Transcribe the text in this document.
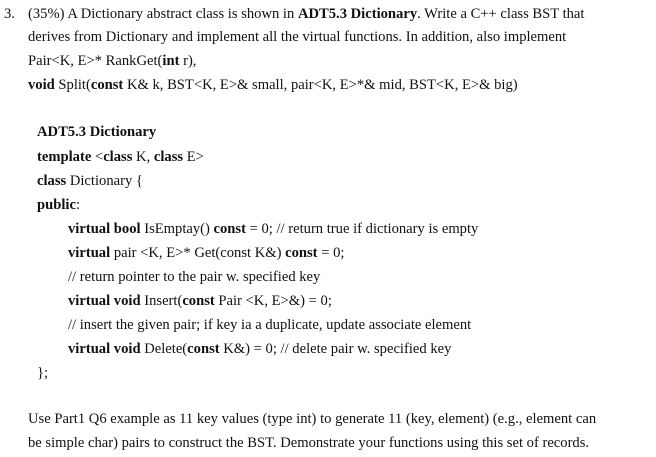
3. (35%) A Dictionary abstract class is shown in ADT5.3 Dictionary. Write a C++ class BST that
derives from Dictionary and implement all the virtual functions. In addition, also implement
Pair<K, E>* RankGet(int r),
void Split(const K& k, BST<K, E>& small, pair<K, E>*& mid, BST<K, E>& big)
ADT5.3 Dictionary
template <class K, class E>
class Dictionary {
public:
virtual bool IsEmptay() const = 0; // return true if dictionary is empty
virtual pair <K, E>* Get(const K&) const = 0;
// return pointer to the pair w. specified key
virtual void Insert(const Pair <K, E>&) = 0;
// insert the given pair; if key ia a duplicate, update associate element
virtual void Delete(const K&) = 0; // delete pair w. specified key
};
Use Part1 Q6 example as 11 key values (type int) to generate 11 (key, element) (e.g., element can
be simple char) pairs to construct the BST. Demonstrate your functions using this set of records.
